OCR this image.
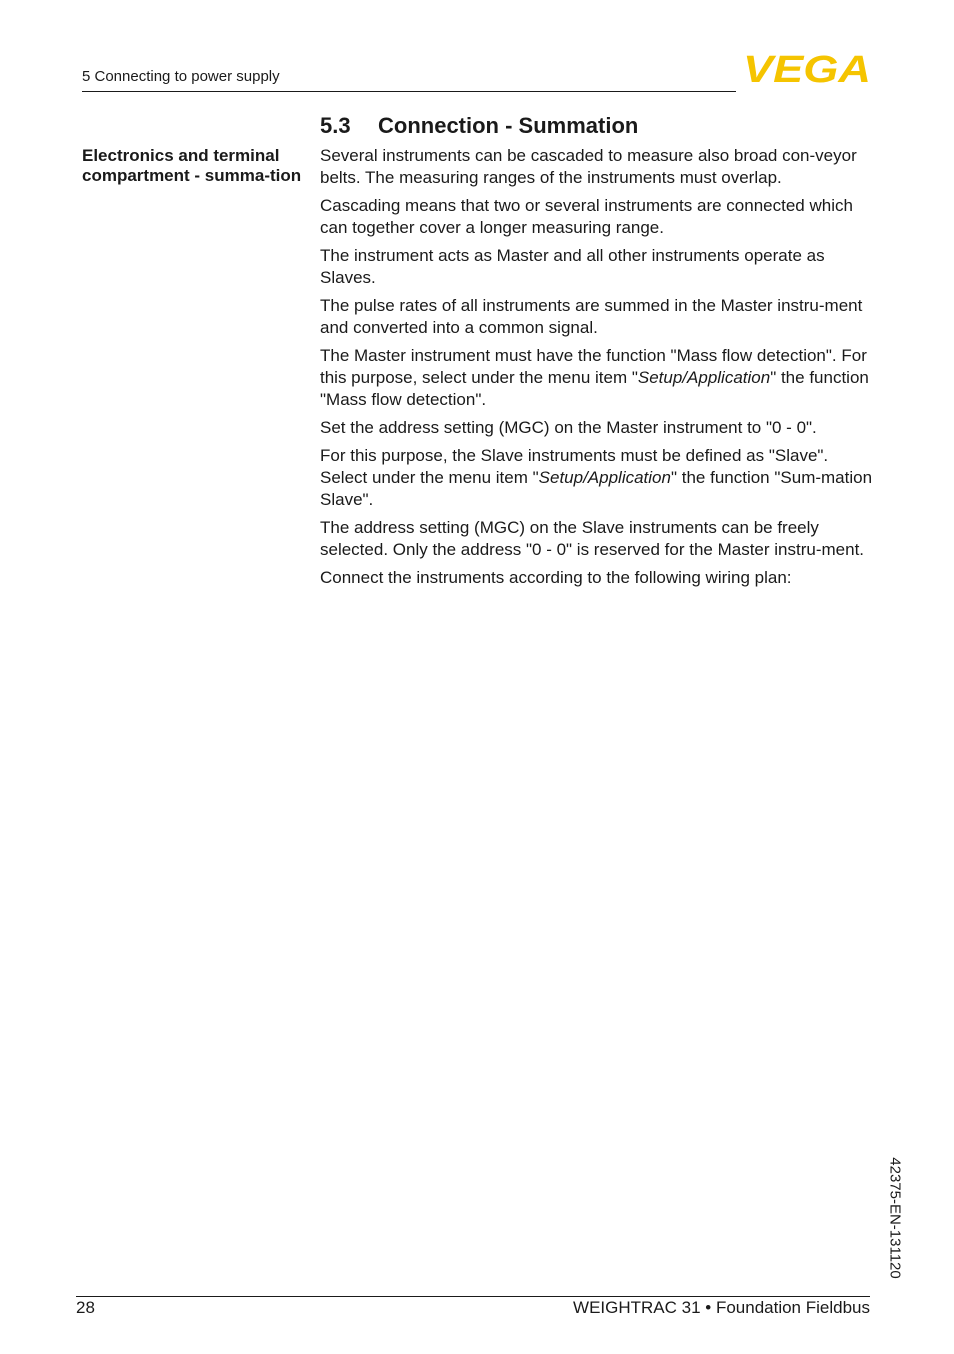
5 Connecting to power supply	VEGA
Electronics and terminal compartment - summa-tion
5.3 Connection - Summation

Several instruments can be cascaded to measure also broad con-veyor belts. The measuring ranges of the instruments must overlap.

Cascading means that two or several instruments are connected which can together cover a longer measuring range.

The instrument acts as Master and all other instruments operate as Slaves.

The pulse rates of all instruments are summed in the Master instru-ment and converted into a common signal.

The Master instrument must have the function "Mass flow detection". For this purpose, select under the menu item "Setup/Application" the function "Mass flow detection".

Set the address setting (MGC) on the Master instrument to "0 - 0".

For this purpose, the Slave instruments must be defined as "Slave". Select under the menu item "Setup/Application" the function "Sum-mation Slave".

The address setting (MGC) on the Slave instruments can be freely selected. Only the address "0 - 0" is reserved for the Master instru-ment.

Connect the instruments according to the following wiring plan:

42375-EN-131120
28	WEIGHTRAC 31 • Foundation Fieldbus
